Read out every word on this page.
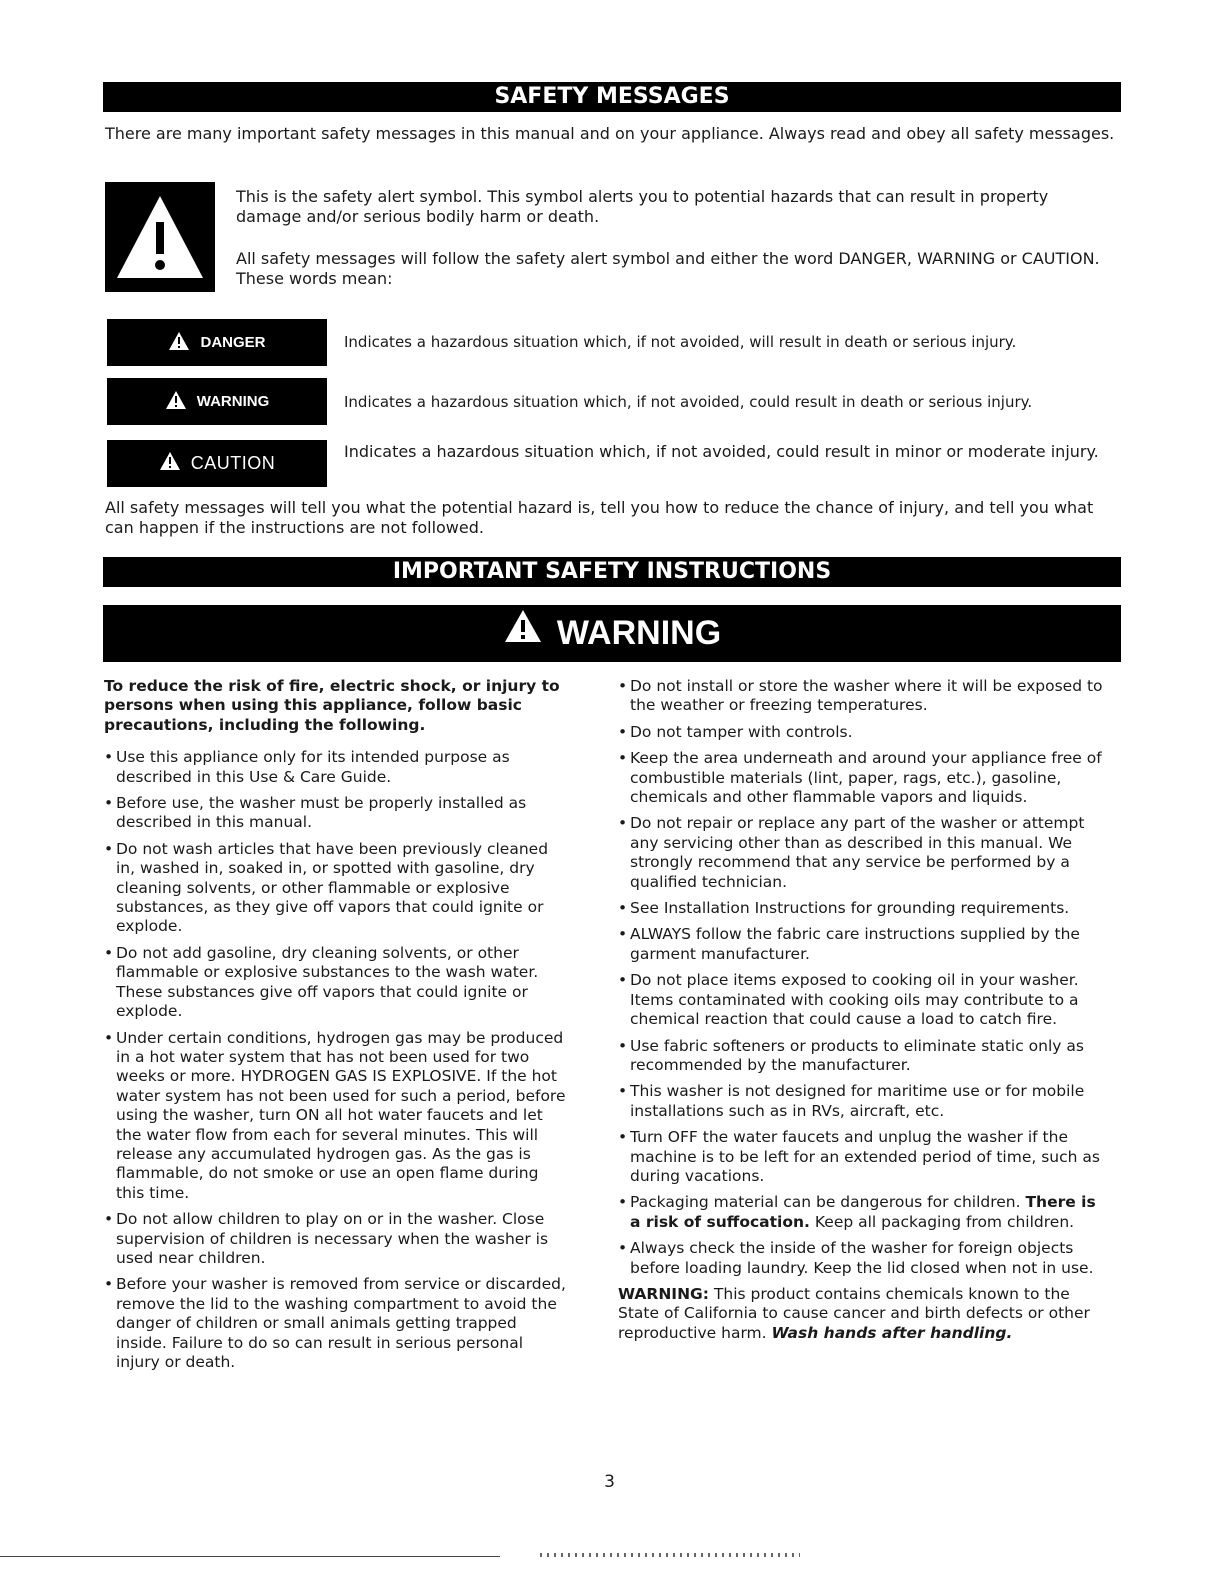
SAFETY MESSAGES
There are many important safety messages in this manual and on your appliance. Always read and obey all safety messages.
This is the safety alert symbol. This symbol alerts you to potential hazards that can result in property damage and/or serious bodily harm or death.
All safety messages will follow the safety alert symbol and either the word DANGER, WARNING or CAUTION. These words mean:
DANGER	Indicates a hazardous situation which, if not avoided, will result in death or serious injury.
WARNING	Indicates a hazardous situation which, if not avoided, could result in death or serious injury.
CAUTION
Indicates a hazardous situation which, if not avoided, could result in minor or moderate injury.
All safety messages will tell you what the potential hazard is, tell you how to reduce the chance of injury, and tell you what can happen if the instructions are not followed.
IMPORTANT SAFETY INSTRUCTIONS
WARNING
To reduce the risk of fire, electric shock, or injury to persons when using this appliance, follow basic precautions, including the following.
• Use this appliance only for its intended purpose as described in this Use & Care Guide.
• Before use, the washer must be properly installed as described in this manual.
• Do not wash articles that have been previously cleaned in, washed in, soaked in, or spotted with gasoline, dry cleaning solvents, or other flammable or explosive substances, as they give off vapors that could ignite or explode.
• Do not add gasoline, dry cleaning solvents, or other flammable or explosive substances to the wash water. These substances give off vapors that could ignite or explode.
• Under certain conditions, hydrogen gas may be produced in a hot water system that has not been used for two weeks or more. HYDROGEN GAS IS EXPLOSIVE. If the hot water system has not been used for such a period, before using the washer, turn ON all hot water faucets and let the water flow from each for several minutes. This will release any accumulated hydrogen gas. As the gas is flammable, do not smoke or use an open flame during this time.
• Do not allow children to play on or in the washer. Close supervision of children is necessary when the washer is used near children.
• Before your washer is removed from service or discarded, remove the lid to the washing compartment to avoid the danger of children or small animals getting trapped inside. Failure to do so can result in serious personal injury or death.
• Do not install or store the washer where it will be exposed to the weather or freezing temperatures.
• Do not tamper with controls.
• Keep the area underneath and around your appliance free of combustible materials (lint, paper, rags, etc.), gasoline, chemicals and other flammable vapors and liquids.
• Do not repair or replace any part of the washer or attempt any servicing other than as described in this manual. We strongly recommend that any service be performed by a qualified technician.
• See Installation Instructions for grounding requirements.
• ALWAYS follow the fabric care instructions supplied by the garment manufacturer.
• Do not place items exposed to cooking oil in your washer. Items contaminated with cooking oils may contribute to a chemical reaction that could cause a load to catch fire.
• Use fabric softeners or products to eliminate static only as recommended by the manufacturer.
• This washer is not designed for maritime use or for mobile installations such as in RVs, aircraft, etc.
• Turn OFF the water faucets and unplug the washer if the machine is to be left for an extended period of time, such as during vacations.
• Packaging material can be dangerous for children. There is a risk of suffocation. Keep all packaging from children.
• Always check the inside of the washer for foreign objects before loading laundry. Keep the lid closed when not in use.
WARNING: This product contains chemicals known to the State of California to cause cancer and birth defects or other reproductive harm. Wash hands after handling.
3
